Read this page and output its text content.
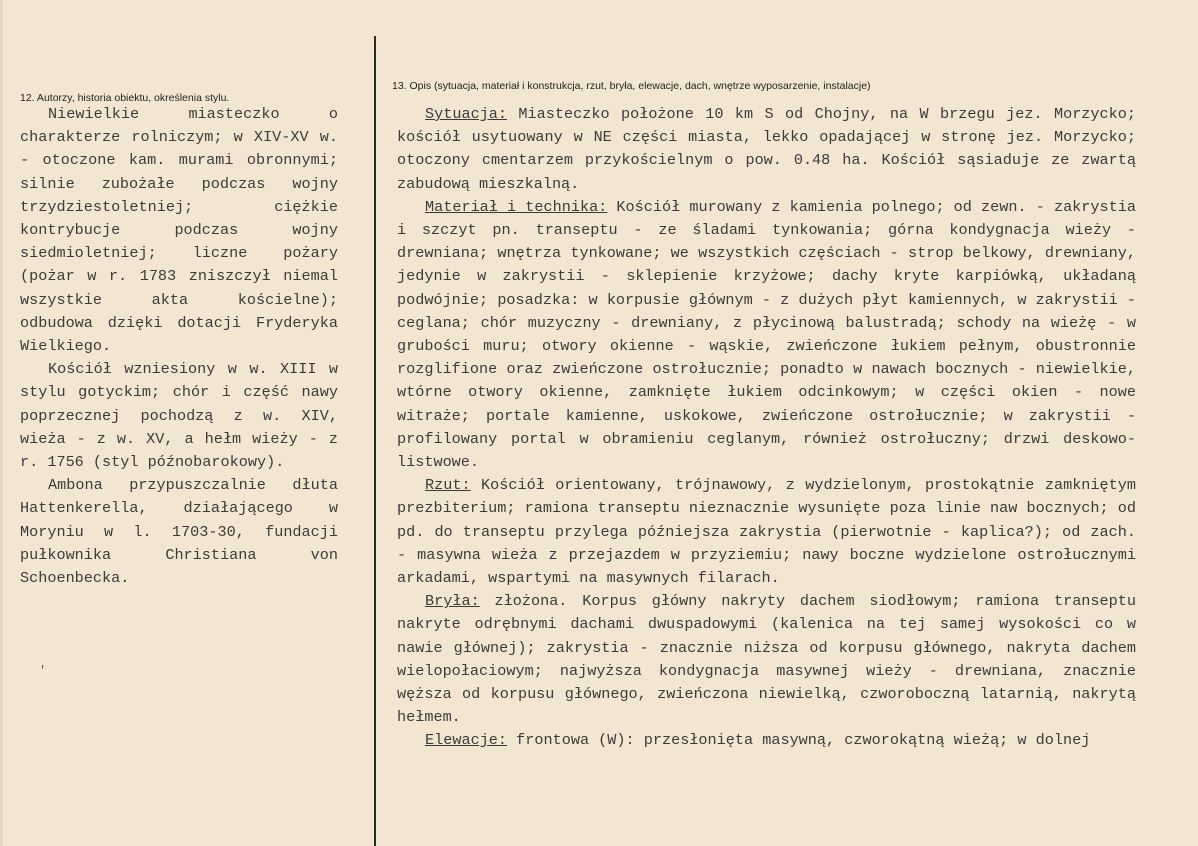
12. Autorzy, historia obiektu, określenia stylu.

Niewielkie miasteczko o charakterze rolniczym; w XIV-XV w. - otoczone kam. murami obronnymi; silnie zubożałe podczas wojny trzydziestoletniej; ciężkie kontrybucje podczas wojny siedmioletniej; liczne pożary (pożar w r. 1783 zniszczył niemal wszystkie akta kościelne); odbudowa dzięki dotacji Fryderyka Wielkiego.

Kościół wzniesiony w w. XIII w stylu gotyckim; chór i część nawy poprzecznej pochodzą z w. XIV, wieża - z w. XV, a hełm wieży - z r. 1756 (styl późnobarokowy).

Ambona przypuszczalnie dłuta Hattenkerella, działającego w Moryniu w l. 1703-30, fundacji pułkownika Christiana von Schoenbecka.

'
13. Opis (sytuacja, materiał i konstrukcja, rzut, bryła, elewacje, dach, wnętrze wyposarzenie, instalacje)

Sytuacja: Miasteczko położone 10 km S od Chojny, na W brzegu jez. Morzycko; kościół usytuowany w NE części miasta, lekko opadającej w stronę jez. Morzycko; otoczony cmentarzem przykościelnym o pow. 0.48 ha. Kościół sąsiaduje ze zwartą zabudową mieszkalną.

Materiał i technika: Kościół murowany z kamienia polnego; od zewn. - zakrystia i szczyt pn. transeptu - ze śladami tynkowania; górna kondygnacja wieży - drewniana; wnętrza tynkowane; we wszystkich częściach - strop belkowy, drewniany, jedynie w zakrystii - sklepienie krzyżowe; dachy kryte karpiówką, układaną podwójnie; posadzka: w korpusie głównym - z dużych płyt kamiennych, w zakrystii - ceglana; chór muzyczny - drewniany, z płycinową balustradą; schody na wieżę - w grubości muru; otwory okienne - wąskie, zwieńczone łukiem pełnym, obustronnie rozglifione oraz zwieńczone ostrołucznie; ponadto w nawach bocznych - niewielkie, wtórne otwory okienne, zamknięte łukiem odcinkowym; w części okien - nowe witraże; portale kamienne, uskokowe, zwieńczone ostrołucznie; w zakrystii - profilowany portal w obramieniu ceglanym, również ostrołuczny; drzwi deskowo-listwowe.

Rzut: Kościół orientowany, trójnawowy, z wydzielonym, prostokątnie zamkniętym prezbiterium; ramiona transeptu nieznacznie wysunięte poza linie naw bocznych; od pd. do transeptu przylega późniejsza zakrystia (pierwotnie - kaplica?); od zach. - masywna wieża z przejazdem w przyziemiu; nawy boczne wydzielone ostrołucznymi arkadami, wspartymi na masywnych filarach.

Bryła: złożona. Korpus główny nakryty dachem siodłowym; ramiona transeptu nakryte odrębnymi dachami dwuspadowymi (kalenica na tej samej wysokości co w nawie głównej); zakrystia - znacznie niższa od korpusu głównego, nakryta dachem wielopołaciowym; najwyższa kondygnacja masywnej wieży - drewniana, znacznie węższa od korpusu głównego, zwieńczona niewielką, czworoboczną latarnią, nakrytą hełmem.

Elewacje: frontowa (W): przesłonięta masywną, czworokątną wieżą; w dolnej
